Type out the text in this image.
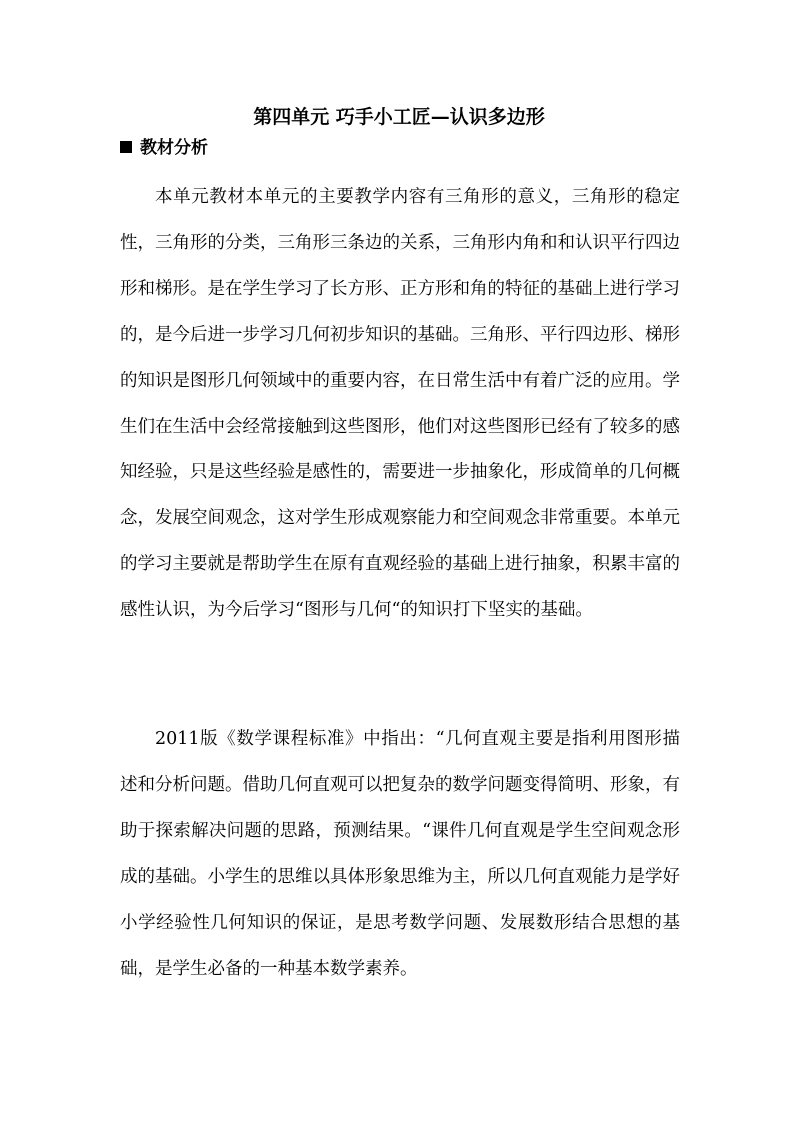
第四单元 巧手小工匠—认识多边形
教材分析

本单元教材本单元的主要教学内容有三角形的意义，三角形的稳定性，三角形的分类，三角形三条边的关系，三角形内角和和认识平行四边形和梯形。是在学生学习了长方形、正方形和角的特征的基础上进行学习的，是今后进一步学习几何初步知识的基础。三角形、平行四边形、梯形的知识是图形几何领域中的重要内容，在日常生活中有着广泛的应用。学生们在生活中会经常接触到这些图形，他们对这些图形已经有了较多的感知经验，只是这些经验是感性的，需要进一步抽象化，形成简单的几何概念，发展空间观念，这对学生形成观察能力和空间观念非常重要。本单元的学习主要就是帮助学生在原有直观经验的基础上进行抽象，积累丰富的感性认识，为今后学习“图形与几何“的知识打下坚实的基础。

2011版《数学课程标准》中指出：“几何直观主要是指利用图形描述和分析问题。借助几何直观可以把复杂的数学问题变得简明、形象，有助于探索解决问题的思路，预测结果。“课件几何直观是学生空间观念形成的基础。小学生的思维以具体形象思维为主，所以几何直观能力是学好小学经验性几何知识的保证，是思考数学问题、发展数形结合思想的基础，是学生必备的一种基本数学素养。
